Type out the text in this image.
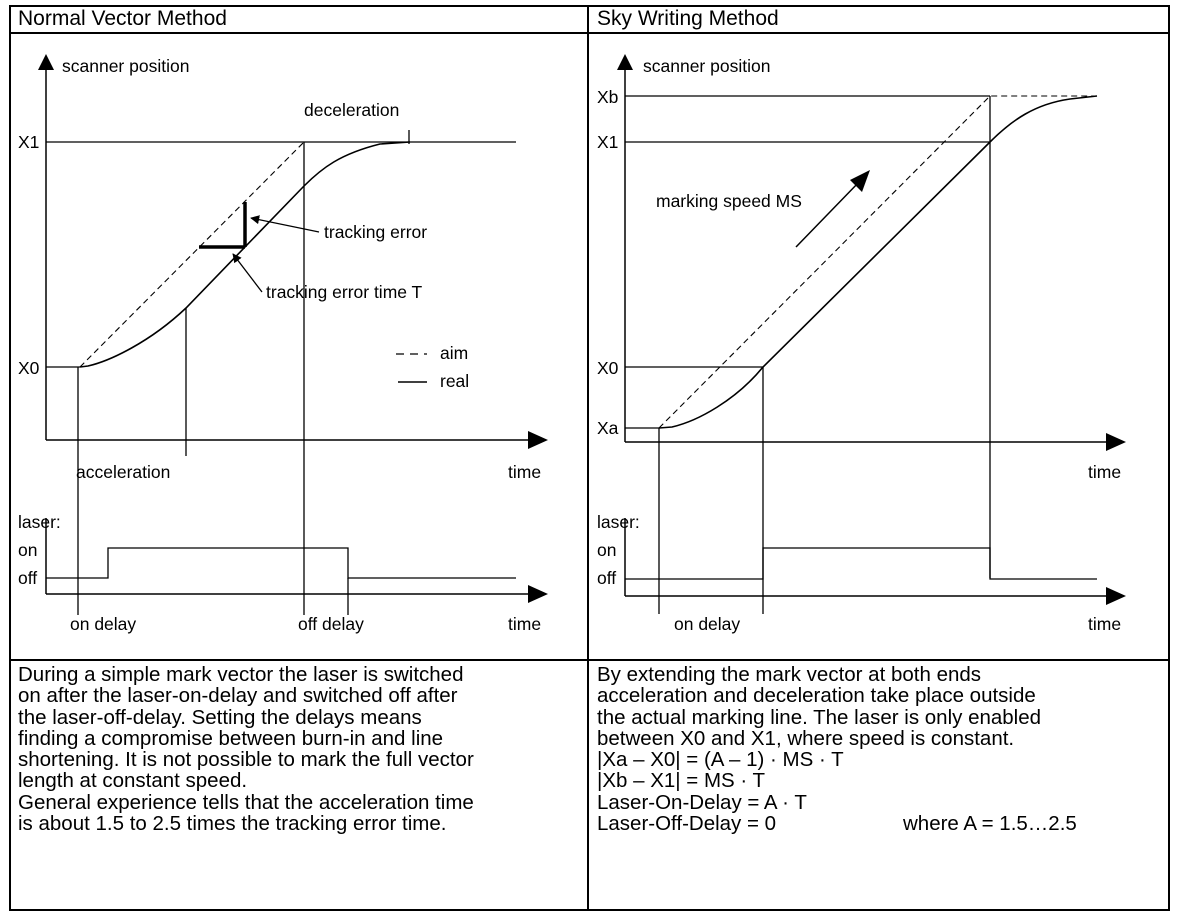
Normal Vector Method	Sky Writing Method
scanner position
time
X1
X0
deceleration
tracking error
tracking error time T
aim
real
acceleration
laser:
on
off
on delay	off delay	time
scanner position
time
Xb
X1
X0
Xa
marking speed MS
laser:
on
off
on delay	time

During a simple mark vector the laser is switched

on after the laser-on-delay and switched off after

the laser-off-delay. Setting the delays means

finding a compromise between burn-in and line

shortening. It is not possible to mark the full vector

length at constant speed.

General experience tells that the acceleration time

is about 1.5 to 2.5 times the tracking error time.

By extending the mark vector at both ends

acceleration and deceleration take place outside

the actual marking line. The laser is only enabled

between X0 and X1, where speed is constant.

|Xa – X0| = (A – 1) · MS · T

|Xb – X1| = MS · T

Laser-On-Delay = A · T

Laser-Off-Delay = 0	where A = 1.5…2.5
